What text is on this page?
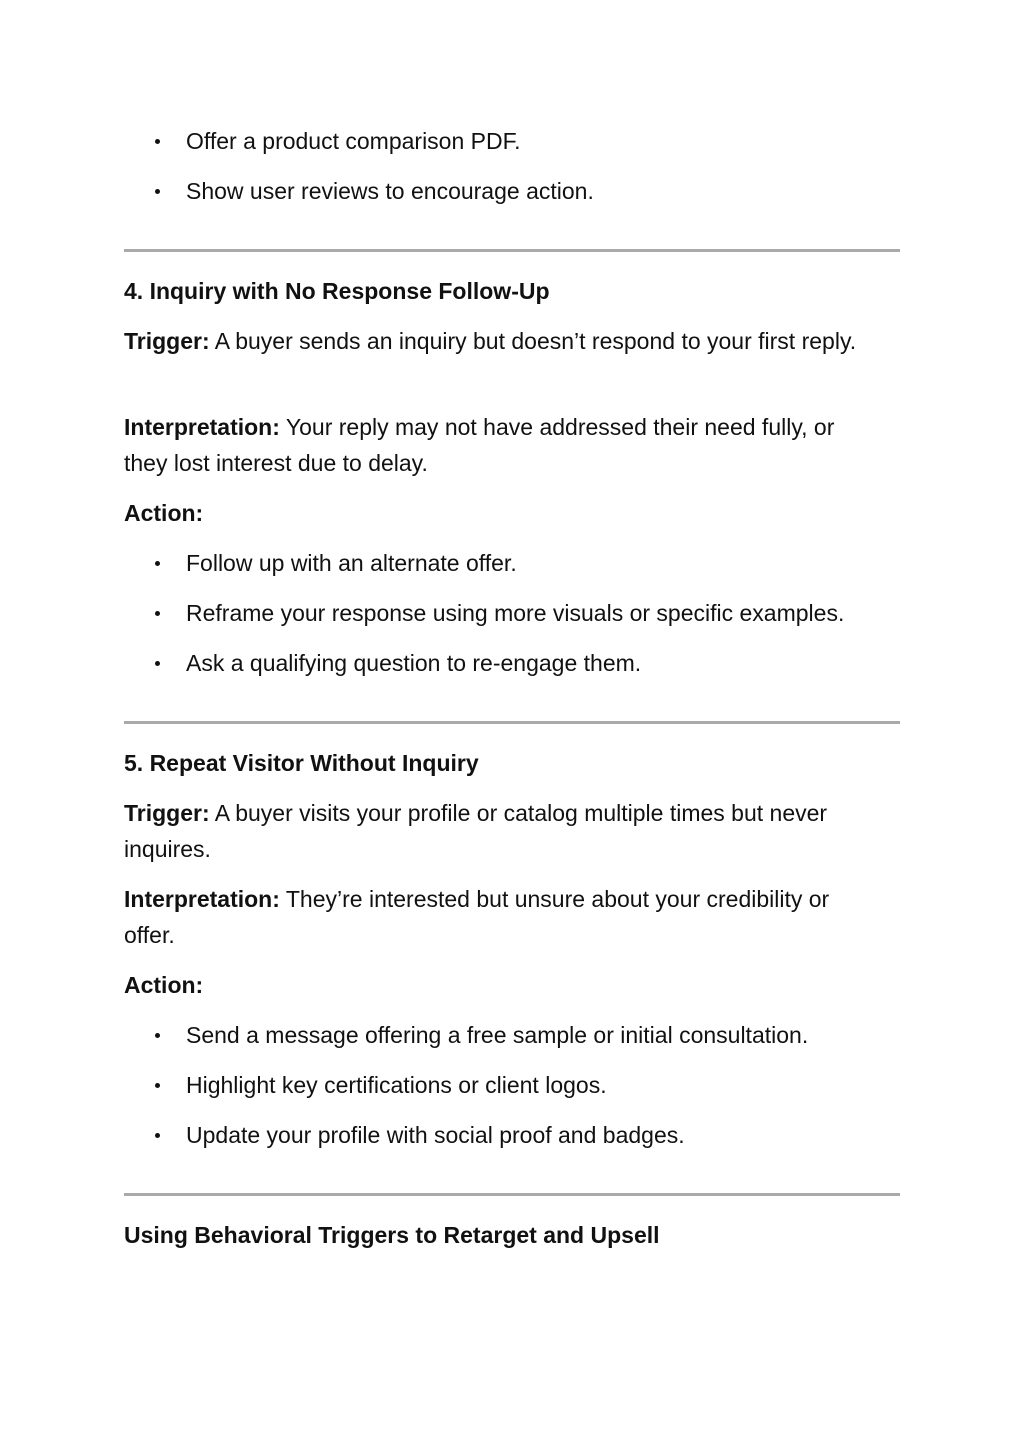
Offer a product comparison PDF.
Show user reviews to encourage action.
4. Inquiry with No Response Follow-Up
Trigger: A buyer sends an inquiry but doesn’t respond to your first reply.
Interpretation: Your reply may not have addressed their need fully, or they lost interest due to delay.
Action:
Follow up with an alternate offer.
Reframe your response using more visuals or specific examples.
Ask a qualifying question to re-engage them.
5. Repeat Visitor Without Inquiry
Trigger: A buyer visits your profile or catalog multiple times but never inquires.
Interpretation: They’re interested but unsure about your credibility or offer.
Action:
Send a message offering a free sample or initial consultation.
Highlight key certifications or client logos.
Update your profile with social proof and badges.
Using Behavioral Triggers to Retarget and Upsell
